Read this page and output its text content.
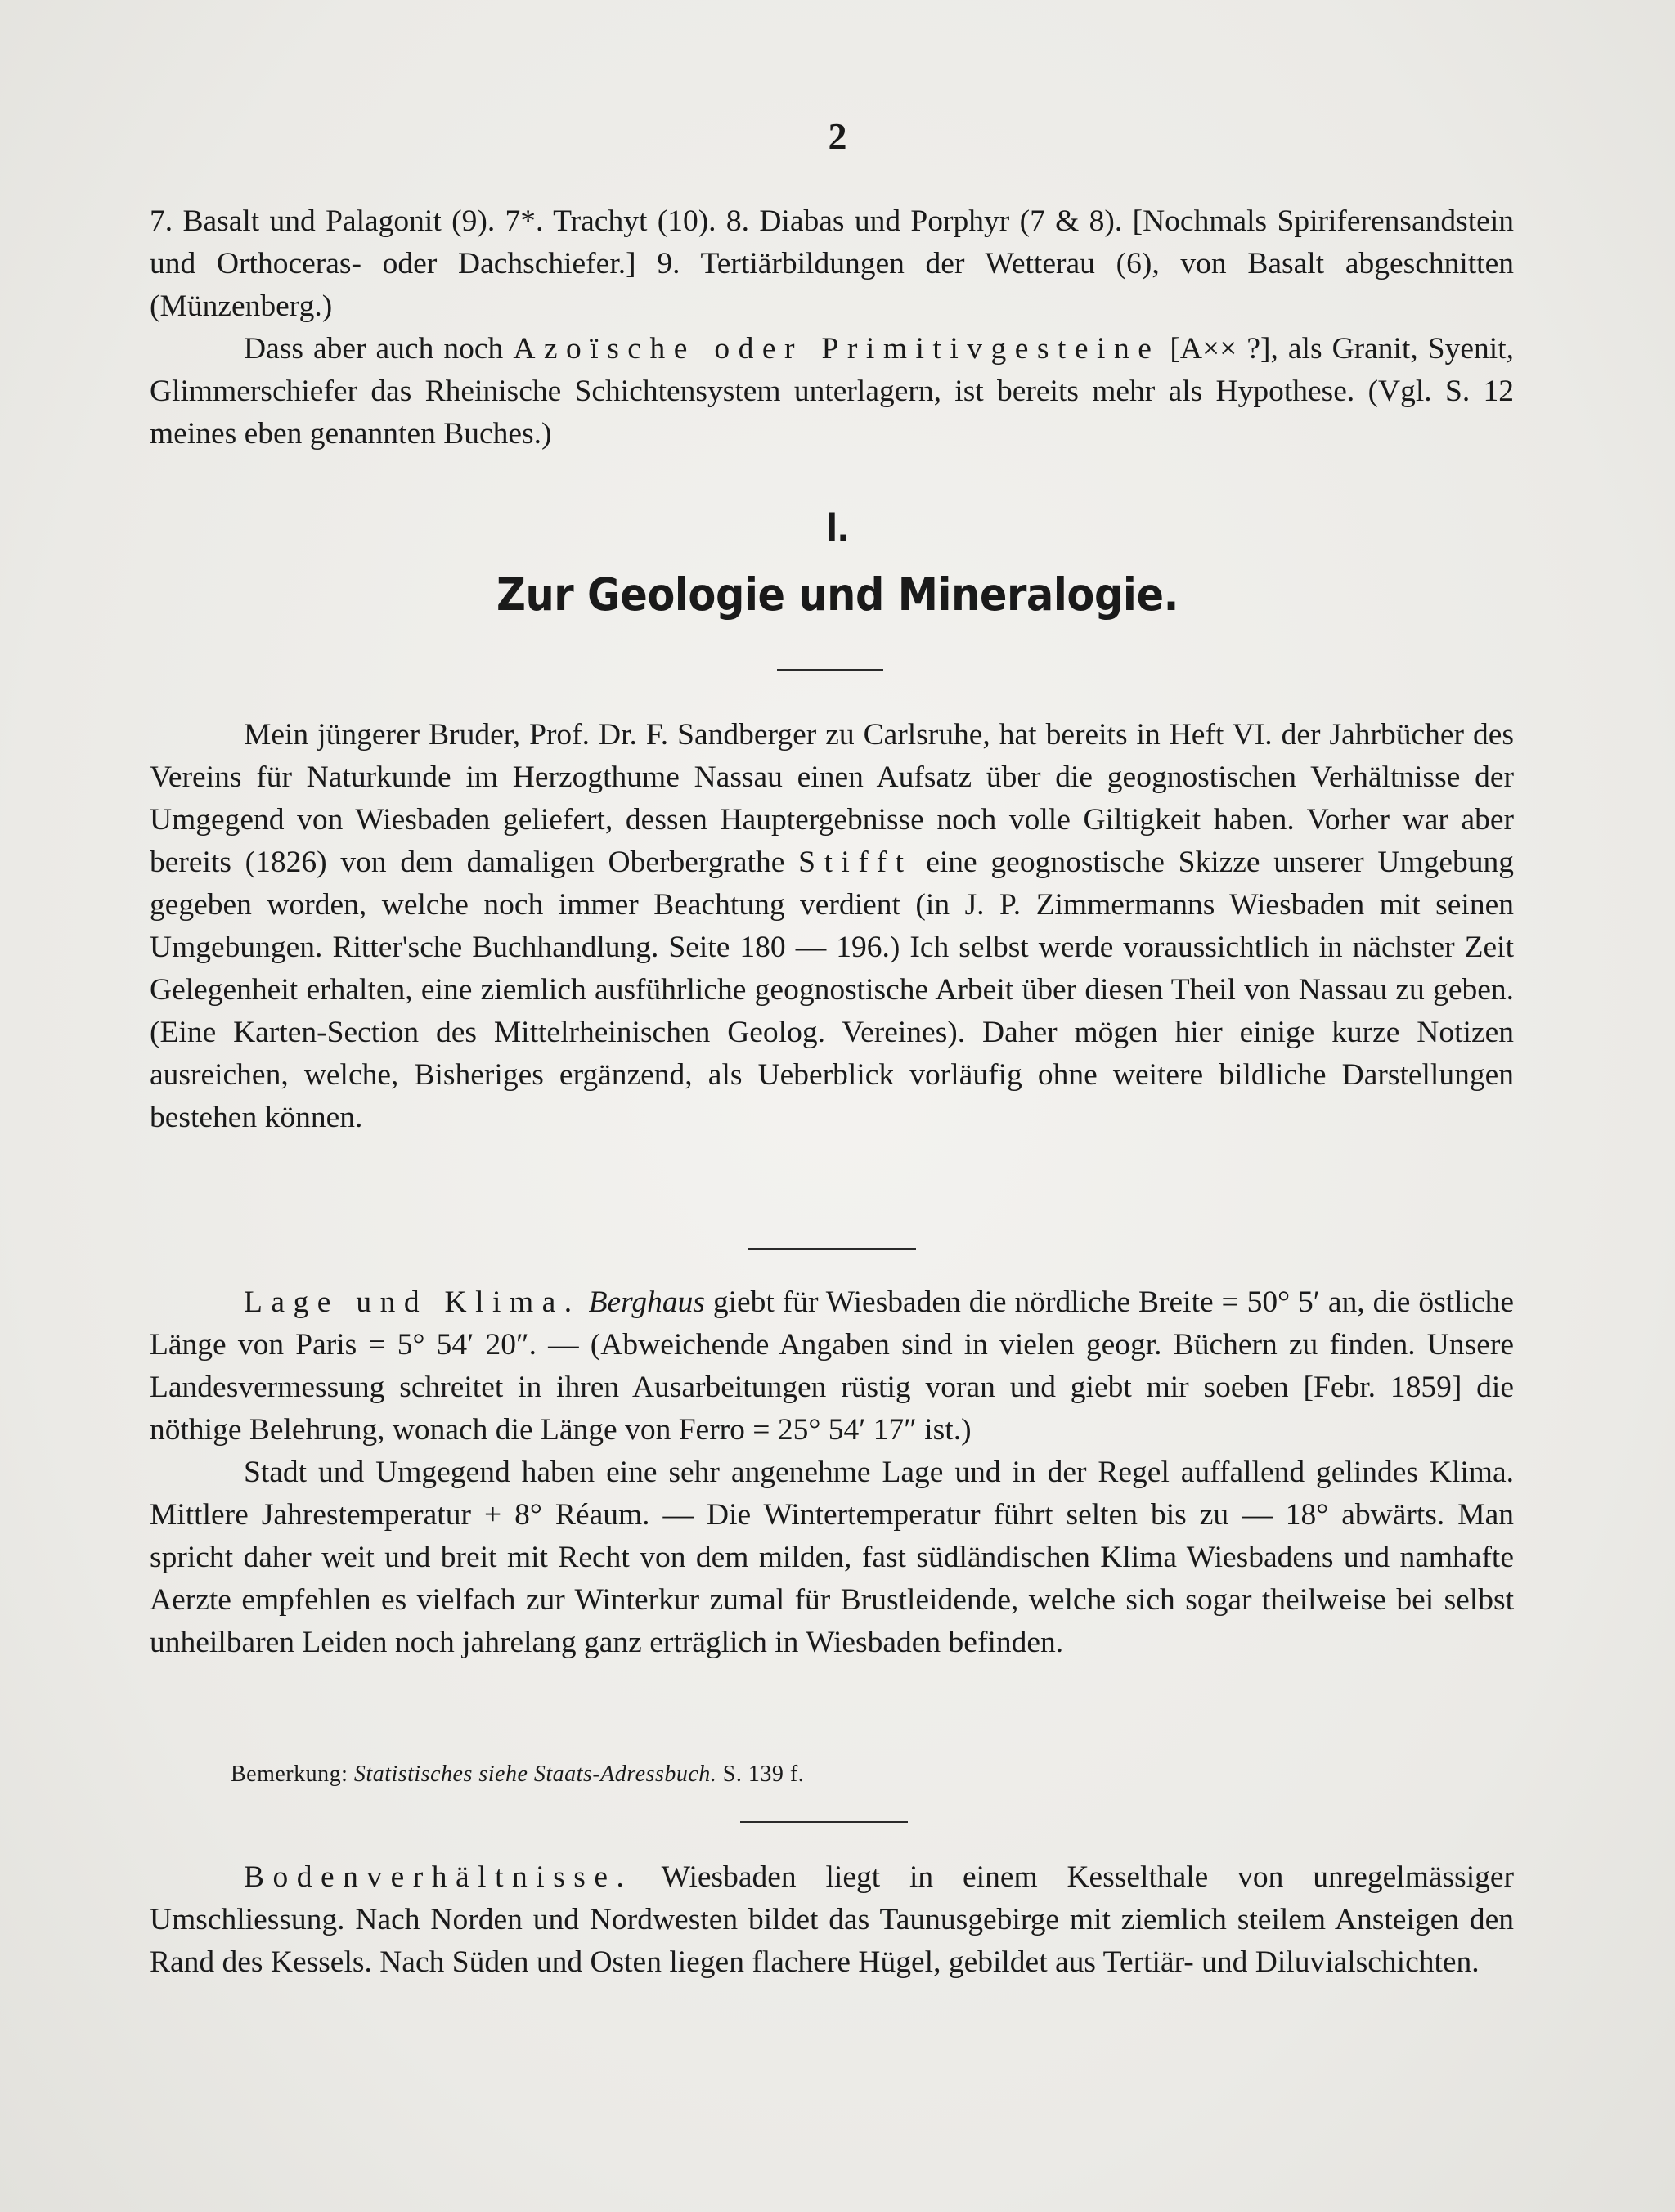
2

7. Basalt und Palagonit (9). 7*. Trachyt (10). 8. Diabas und Porphyr (7 & 8). [Nochmals Spiriferensandstein und Orthoceras- oder Dachschiefer.] 9. Tertiärbildungen der Wetterau (6), von Basalt abgeschnitten (Münzenberg.)

Dass aber auch noch Azoïsche oder Primitivgesteine [A×× ?], als Granit, Syenit, Glimmerschiefer das Rheinische Schichtensystem unterlagern, ist bereits mehr als Hypothese. (Vgl. S. 12 meines eben genannten Buches.)

I.
Zur Geologie und Mineralogie.

Mein jüngerer Bruder, Prof. Dr. F. Sandberger zu Carlsruhe, hat bereits in Heft VI. der Jahrbücher des Vereins für Naturkunde im Herzogthume Nassau einen Aufsatz über die geognostischen Verhältnisse der Umgegend von Wiesbaden geliefert, dessen Hauptergebnisse noch volle Giltigkeit haben. Vorher war aber bereits (1826) von dem damaligen Oberbergrathe Stifft eine geognostische Skizze unserer Umgebung gegeben worden, welche noch immer Beachtung verdient (in J. P. Zimmermanns Wiesbaden mit seinen Umgebungen. Ritter'sche Buchhandlung. Seite 180 — 196.) Ich selbst werde voraussichtlich in nächster Zeit Gelegenheit erhalten, eine ziemlich ausführliche geognostische Arbeit über diesen Theil von Nassau zu geben. (Eine Karten-Section des Mittelrheinischen Geolog. Vereines). Daher mögen hier einige kurze Notizen ausreichen, welche, Bisheriges ergänzend, als Ueberblick vorläufig ohne weitere bildliche Darstellungen bestehen können.

Lage und Klima. Berghaus giebt für Wiesbaden die nördliche Breite = 50° 5′ an, die östliche Länge von Paris = 5° 54′ 20″. — (Abweichende Angaben sind in vielen geogr. Büchern zu finden. Unsere Landesvermessung schreitet in ihren Ausarbeitungen rüstig voran und giebt mir soeben [Febr. 1859] die nöthige Belehrung, wonach die Länge von Ferro = 25° 54′ 17″ ist.)

Stadt und Umgegend haben eine sehr angenehme Lage und in der Regel auffallend gelindes Klima. Mittlere Jahrestemperatur + 8° Réaum. — Die Wintertemperatur führt selten bis zu — 18° abwärts. Man spricht daher weit und breit mit Recht von dem milden, fast südländischen Klima Wiesbadens und namhafte Aerzte empfehlen es vielfach zur Winterkur zumal für Brustleidende, welche sich sogar theilweise bei selbst unheilbaren Leiden noch jahrelang ganz erträglich in Wiesbaden befinden.

Bemerkung: Statistisches siehe Staats-Adressbuch. S. 139 f.

Bodenverhältnisse. Wiesbaden liegt in einem Kesselthale von unregelmässiger Umschliessung. Nach Norden und Nordwesten bildet das Taunusgebirge mit ziemlich steilem Ansteigen den Rand des Kessels. Nach Süden und Osten liegen flachere Hügel, gebildet aus Tertiär- und Diluvialschichten.
